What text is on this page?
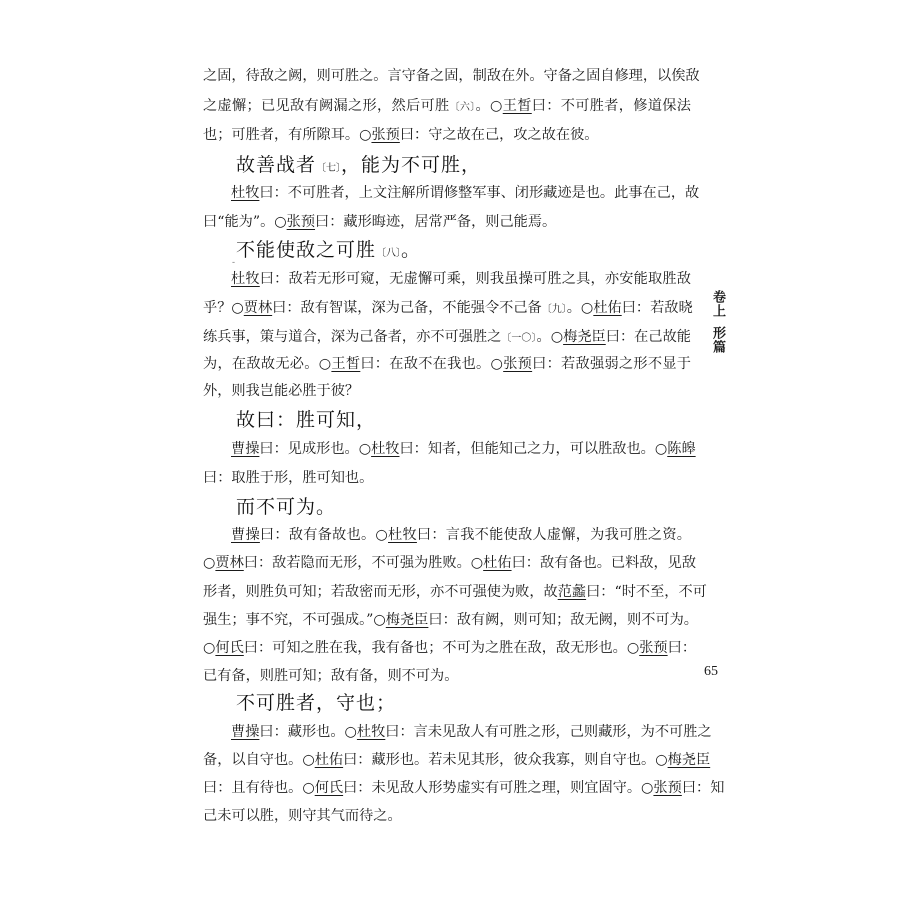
之固，待敌之阙，则可胜之。言守备之固，制敌在外。守备之固自修理，以俟敌
之虚懈；已见敌有阙漏之形，然后可胜〔六〕。○王皙曰：不可胜者，修道保法
也；可胜者，有所隙耳。○张预曰：守之故在己，攻之故在彼。
故善战者〔七〕，能为不可胜，
杜牧曰：不可胜者，上文注解所谓修整军事、闭形藏迹是也。此事在己，故
曰“能为”。○张预曰：藏形晦迹，居常严备，则己能焉。
不能使敌之可胜〔八〕。
-
杜牧曰：敌若无形可窥，无虚懈可乘，则我虽操可胜之具，亦安能取胜敌
乎？○贾林曰：敌有智谋，深为己备，不能强令不己备〔九〕。○杜佑曰：若敌晓
练兵事，策与道合，深为己备者，亦不可强胜之〔一〇〕。○梅尧臣曰：在己故能
为，在敌故无必。○王皙曰：在敌不在我也。○张预曰：若敌强弱之形不显于
外，则我岂能必胜于彼？
故曰：胜可知，
曹操曰：见成形也。○杜牧曰：知者，但能知己之力，可以胜敌也。○陈皞
曰：取胜于形，胜可知也。
而不可为。
曹操曰：敌有备故也。○杜牧曰：言我不能使敌人虚懈，为我可胜之资。
○贾林曰：敌若隐而无形，不可强为胜败。○杜佑曰：敌有备也。已料敌，见敌
形者，则胜负可知；若敌密而无形，亦不可强使为败，故范蠡曰：“时不至，不可
强生；事不究，不可强成。”○梅尧臣曰：敌有阙，则可知；敌无阙，则不可为。
○何氏曰：可知之胜在我，我有备也；不可为之胜在敌，敌无形也。○张预曰：
已有备，则胜可知；敌有备，则不可为。
不可胜者，守也；
曹操曰：藏形也。○杜牧曰：言未见敌人有可胜之形，己则藏形，为不可胜之
备，以自守也。○杜佑曰：藏形也。若未见其形，彼众我寡，则自守也。○梅尧臣
曰：且有待也。○何氏曰：未见敌人形势虚实有可胜之理，则宜固守。○张预曰：知
己未可以胜，则守其气而待之。
卷上形篇
65
